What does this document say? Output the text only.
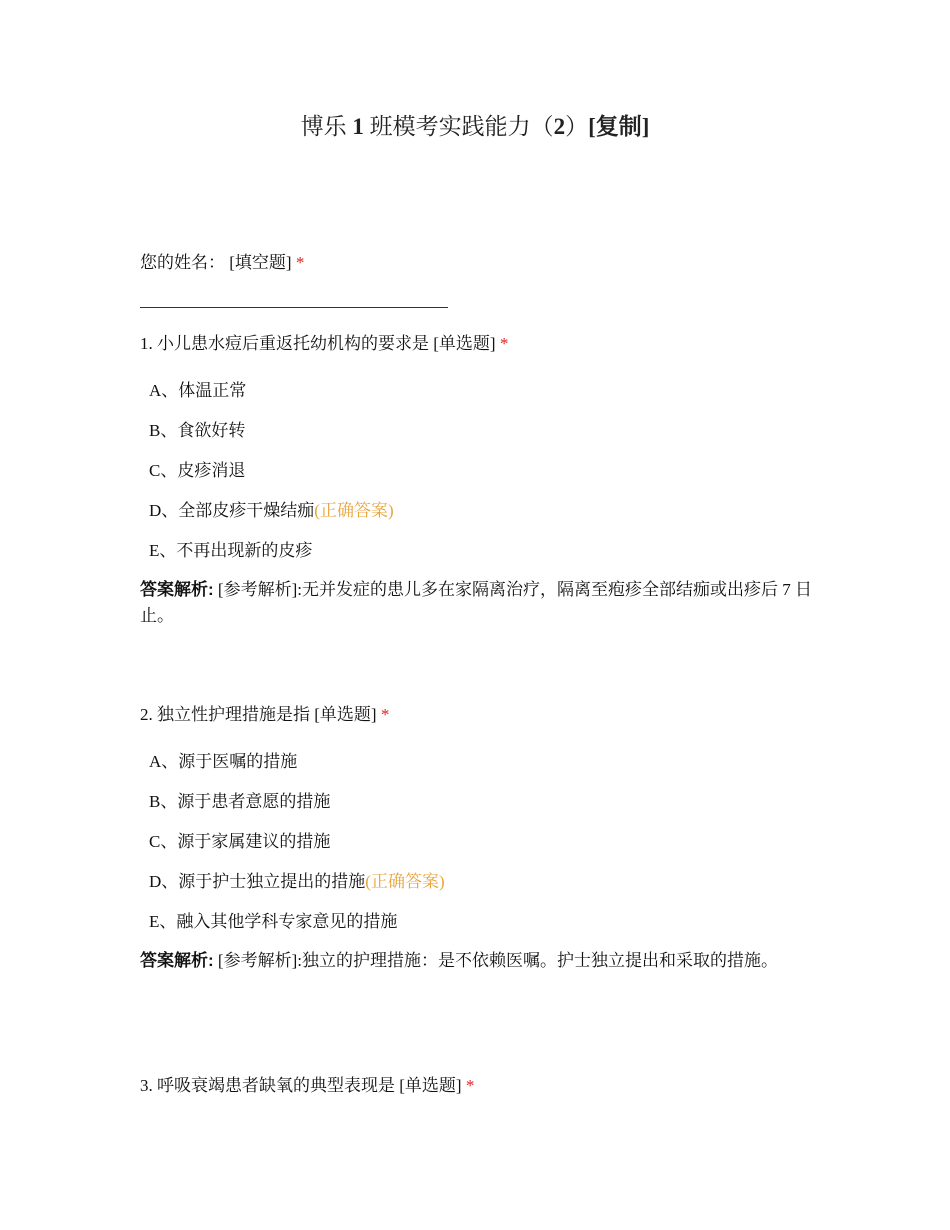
博乐 1 班模考实践能力（2）[复制]
您的姓名： [填空题] *
1. 小儿患水痘后重返托幼机构的要求是 [单选题] *
A、体温正常
B、食欲好转
C、皮疹消退
D、全部皮疹干燥结痂(正确答案)
E、不再出现新的皮疹
答案解析: [参考解析]:无并发症的患儿多在家隔离治疗，隔离至疱疹全部结痂或出疹后 7 日止。
2. 独立性护理措施是指 [单选题] *
A、源于医嘱的措施
B、源于患者意愿的措施
C、源于家属建议的措施
D、源于护士独立提出的措施(正确答案)
E、融入其他学科专家意见的措施
答案解析: [参考解析]:独立的护理措施：是不依赖医嘱。护士独立提出和采取的措施。
3. 呼吸衰竭患者缺氧的典型表现是 [单选题] *
